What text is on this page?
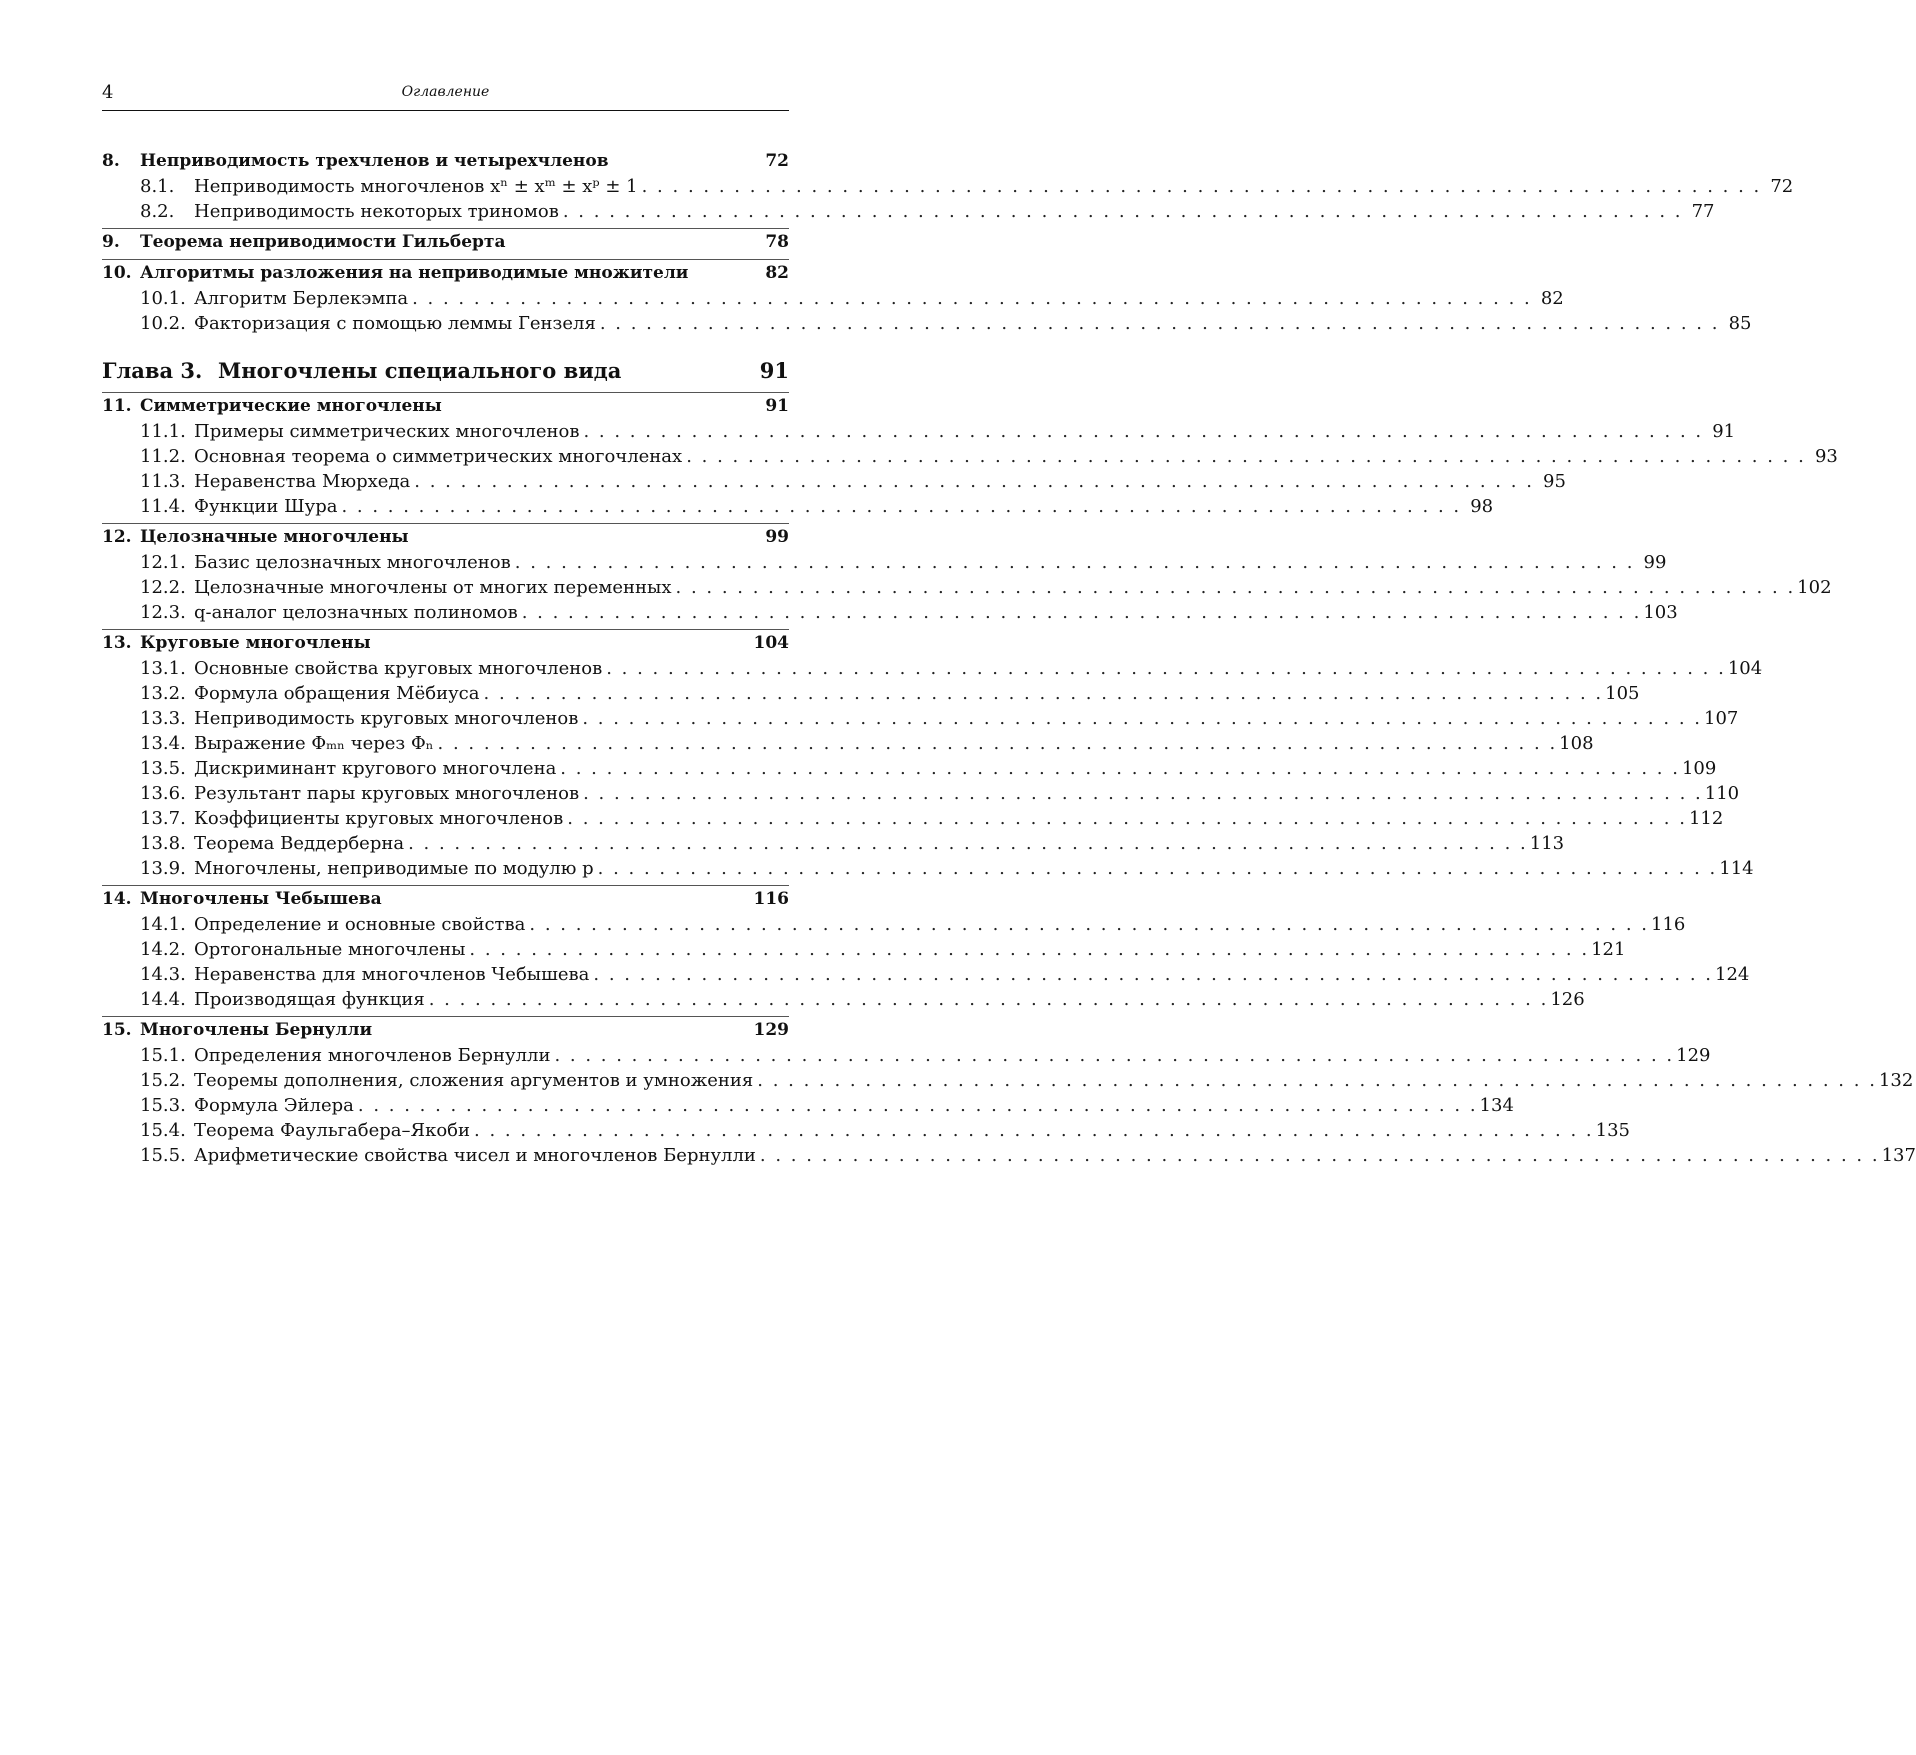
4	Оглавление
8.	Неприводимость трехчленов и четырехчленов	72
8.1.	Неприводимость многочленов xⁿ ± xᵐ ± xᵖ ± 1 . . .	72
8.2.	Неприводимость некоторых триномов . . .	77
9.	Теорема неприводимости Гильберта	78
10. Алгоритмы разложения на неприводимые множители	82
10.1. Алгоритм Берлекэмпа . . .	82
10.2. Факторизация с помощью леммы Гензеля . . .	85
Глава 3. Многочлены специального вида	91
11. Симметрические многочлены	91
11.1. Примеры симметрических многочленов . . .	91
11.2. Основная теорема о симметрических многочленах . . .	93
11.3. Неравенства Мюрхеда . . .	95
11.4. Функции Шура . . .	98
12. Целозначные многочлены	99
12.1. Базис целозначных многочленов . . .	99
12.2. Целозначные многочлены от многих переменных . . .	102
12.3. q-аналог целозначных полиномов . . .	103
13. Круговые многочлены	104
13.1. Основные свойства круговых многочленов . . .	104
13.2. Формула обращения Мёбиуса . . .	105
13.3. Неприводимость круговых многочленов . . .	107
13.4. Выражение Φₘₙ через Φₙ . . .	108
13.5. Дискриминант кругового многочлена . . .	109
13.6. Результант пары круговых многочленов . . .	110
13.7. Коэффициенты круговых многочленов . . .	112
13.8. Теорема Веддерберна . . .	113
13.9. Многочлены, неприводимые по модулю p . . .	114
14. Многочлены Чебышева	116
14.1. Определение и основные свойства . . .	116
14.2. Ортогональные многочлены . . .	121
14.3. Неравенства для многочленов Чебышева . . .	124
14.4. Производящая функция . . .	126
15. Многочлены Бернулли	129
15.1. Определения многочленов Бернулли . . .	129
15.2. Теоремы дополнения, сложения аргументов и умножения . . .	132
15.3. Формула Эйлера . . .	134
15.4. Теорема Фаульгабера–Якоби . . .	135
15.5. Арифметические свойства чисел и многочленов Бернулли . . .	137
